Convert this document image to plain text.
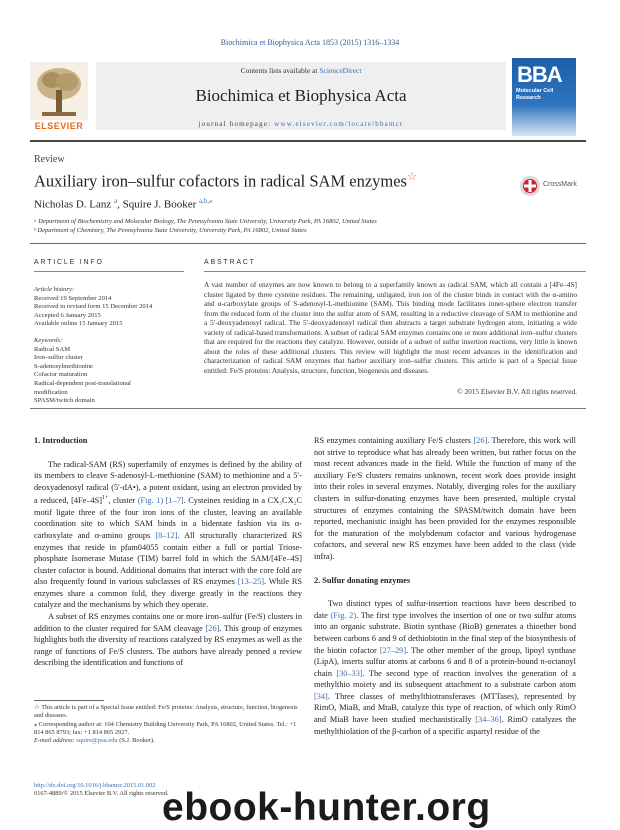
Biochimica et Biophysica Acta 1853 (2015) 1316–1334
ELSEVIER
Contents lists available at ScienceDirect
Biochimica et Biophysica Acta
journal homepage: www.elsevier.com/locate/bbamcr
BBA
Molecular Cell Research
Review
Auxiliary iron–sulfur cofactors in radical SAM enzymes☆
CrossMark
Nicholas D. Lanz $^a$, Squire J. Booker $^{a,b,⁎}$
ᵃ Department of Biochemistry and Molecular Biology, The Pennsylvania State University, University Park, PA 16802, United States
ᵇ Department of Chemistry, The Pennsylvania State University, University Park, PA 16802, United States
ARTICLE INFO
Article history:
Received 19 September 2014
Received in revised form 15 December 2014
Accepted 6 January 2015
Available online 15 January 2015
Keywords:
Radical SAM
Iron–sulfur cluster
S-adenosylmethionine
Cofactor maturation
Radical-dependent post-translational
modification
SPASM/twitch domain
ABSTRACT
A vast number of enzymes are now known to belong to a superfamily known as radical SAM, which all contain a [4Fe–4S] cluster ligated by three cysteine residues. The remaining, unligated, iron ion of the cluster binds in contact with the α-amino and α-carboxylate groups of S-adenosyl-L-methionine (SAM). This binding mode facilitates inner-sphere electron transfer from the reduced form of the cluster into the sulfur atom of SAM, resulting in a reductive cleavage of SAM to methionine and a 5′-deoxyadenosyl radical. The 5′-deoxyadenosyl radical then abstracts a target substrate hydrogen atom, initiating a wide variety of radical-based transformations. A subset of radical SAM enzymes contains one or more additional iron–sulfur clusters that are required for the reactions they catalyze. However, outside of a subset of sulfur insertion reactions, very little is known about the roles of these additional clusters. This review will highlight the most recent advances in the identification and characterization of radical SAM enzymes that harbor auxiliary iron–sulfur clusters. This article is part of a Special Issue entitled: Fe/S proteins: Analysis, structure, function, biogenesis and diseases.
© 2015 Elsevier B.V. All rights reserved.
1. Introduction

The radical-SAM (RS) superfamily of enzymes is defined by the ability of its members to cleave S-adenosyl-L-methionine (SAM) to methionine and a 5′-deoxyadenosyl radical (5′-dA•), a potent oxidant, using an electron provided by a reduced, $[4Fe-4S]^{1+}$, cluster (Fig. 1) [1–7]. Cysteines residing in a CX₃CX₂C motif ligate three of the four iron ions of the cluster, leaving an available coordination site to which SAM binds in a bidentate fashion via its α-carboxylate and α-amino groups [8–12]. All structurally characterized RS enzymes that reside in pfam04055 contain either a full or partial Triose-phosphate Isomerase Mutase (TIM) barrel fold in which the SAM/[4Fe–4S] cluster cofactor is bound. Additional domains that interact with the core fold are also frequently found in various subclasses of RS enzymes [13–25]. While RS enzymes share a common fold, they diverge greatly in the reactions they catalyze and the mechanisms by which they operate.

A subset of RS enzymes contains one or more iron–sulfur (Fe/S) clusters in addition to the cluster required for SAM cleavage [26]. This group of enzymes highlights both the diversity of reactions catalyzed by RS enzymes as well as the range of functions of Fe/S clusters. The authors have already penned a review describing the identification and functions of

RS enzymes containing auxiliary Fe/S clusters [26]. Therefore, this work will not strive to reproduce what has already been written, but rather focus on the most recent advances made in the field. While the function of many of the auxiliary Fe/S clusters remains unknown, recent work does provide insight into their roles in several enzymes. Notably, diverging roles for the auxiliary clusters in sulfur-donating enzymes have been presented, multiple crystal structures of enzymes containing the SPASM/twitch domain have been reported, mechanistic insight has been provided for the enzymes responsible for the maturation of the molybdenum cofactor and various hydrogenase cofactors, and several new RS enzymes have been added to the class (vide infra).

2. Sulfur donating enzymes

Two distinct types of sulfur-insertion reactions have been described to date (Fig. 2). The first type involves the insertion of one or two sulfur atoms into an organic substrate. Biotin synthase (BioB) generates a thioether bond between carbons 6 and 9 of dethiobiotin in the final step of the biosynthesis of the biotin cofactor [27–29]. The other member of the group, lipoyl synthase (LipA), inserts sulfur atoms at carbons 6 and 8 of a protein-bound n-octanoyl chain [30–33]. The second type of reaction involves the generation of a methylthio moiety and its subsequent attachment to a substrate carbon atom [34]. Three classes of methylthiotransferases (MTTases), represented by RimO, MiaB, and MtaB, catalyze this type of reaction, of which only RimO and MiaB have been studied mechanistically [34–36]. RimO catalyzes the methylthiolation of the β-carbon of a specific aspartyl residue of the

☆ This article is part of a Special Issue entitled: Fe/S proteins: Analysis, structure, function, biogenesis and diseases.
⁎ Corresponding author at: 104 Chemistry Building University Park, PA 16802, United States. Tel.: +1 814 865 8793; fax: +1 814 865 2927.
E-mail address: squire@psu.edu (S.J. Booker).
http://dx.doi.org/10.1016/j.bbamcr.2015.01.002
0167-4889/© 2015 Elsevier B.V. All rights reserved.
ebook-hunter.org
